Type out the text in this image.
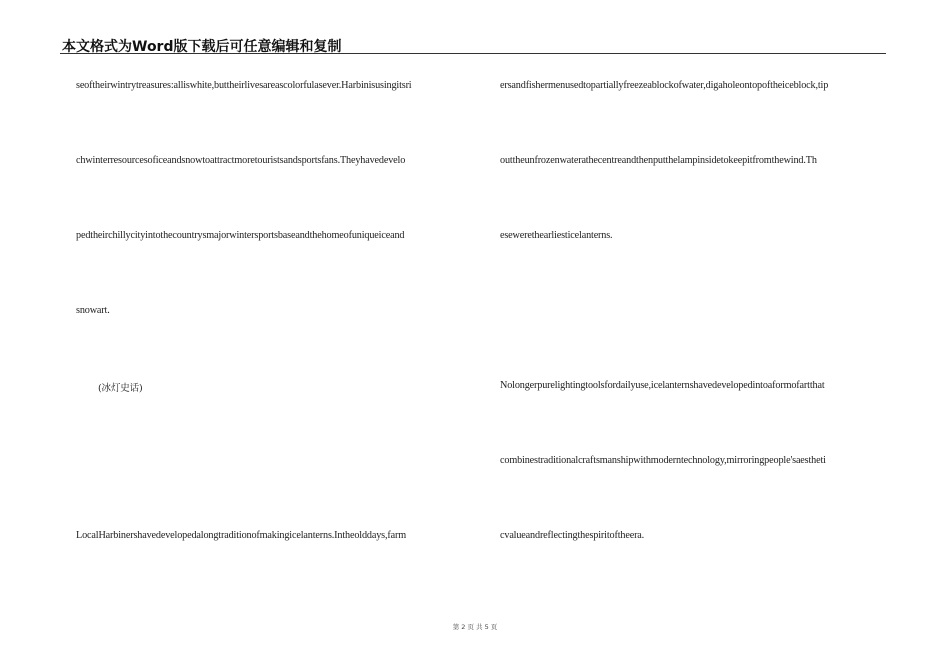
本文格式为Word版下载后可任意编辑和复制
seoftheirwintrytreasures:alliswhite,buttheirlivesareascolorfulasever.Harbinisusingitsri
chwinterresourcesoficeandsnowtoattractmoretouristsandsportsfans.Theyhavedevelo
pedtheirchillycityintothecountrysmajorwintersportsbaseandthehomeofuniqueiceand
snowart.
(冰灯史话)
LocalHarbinershavedevelopedalongtraditionofmakingicelanterns.Intheolddays,farm
ersandfishermenusedtopartiallyfreezeablockofwater,digaholeontopoftheiceblock,tip
outtheunfrozenwaterathecentreandthenputthelampinsidetokeepitfromthewind.Th
esewerethearliesticelanterns.
Nolongerpurelightingtoolsfordailyuse,icelanternshavedevelopedintoaformofartthat
combinestraditionalcraftsmanshipwithmoderntechnology,mirroringpeople'saestheti
cvalueandreflectingthespiritoftheera.
第 2 页 共 5 页
